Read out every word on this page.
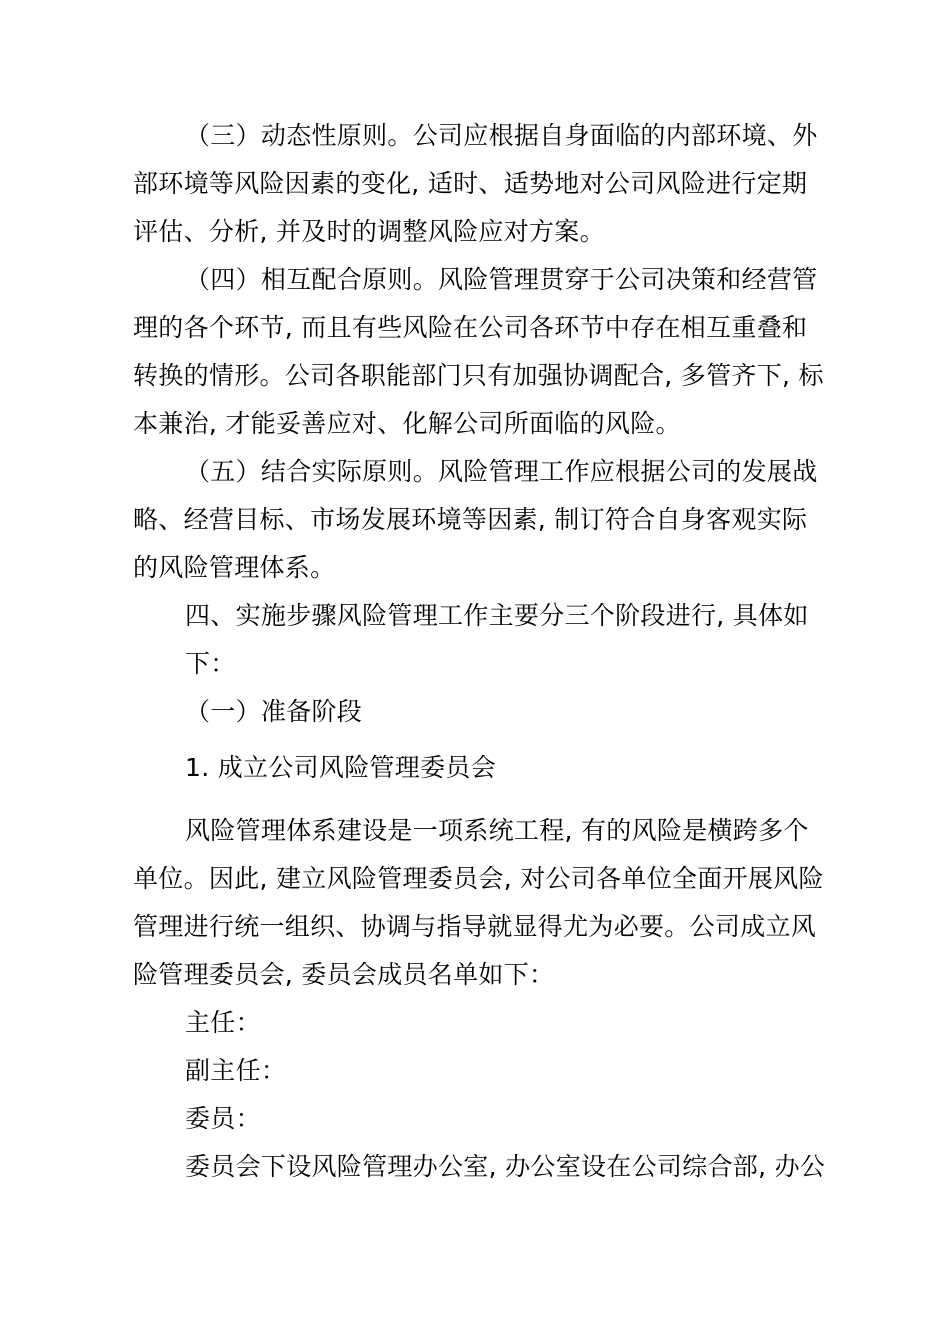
（三）动态性原则。公司应根据自身面临的内部环境、外
部环境等风险因素的变化, 适时、适势地对公司风险进行定期
评估、分析, 并及时的调整风险应对方案。
（四）相互配合原则。风险管理贯穿于公司决策和经营管
理的各个环节, 而且有些风险在公司各环节中存在相互重叠和
转换的情形。公司各职能部门只有加强协调配合, 多管齐下, 标
本兼治, 才能妥善应对、化解公司所面临的风险。
（五）结合实际原则。风险管理工作应根据公司的发展战
略、经营目标、市场发展环境等因素, 制订符合自身客观实际
的风险管理体系。
四、实施步骤风险管理工作主要分三个阶段进行, 具体如
下：
（一）准备阶段
1. 成立公司风险管理委员会
风险管理体系建设是一项系统工程, 有的风险是横跨多个
单位。因此, 建立风险管理委员会, 对公司各单位全面开展风险
管理进行统一组织、协调与指导就显得尤为必要。公司成立风
险管理委员会, 委员会成员名单如下：
主任：
副主任：
委员：
委员会下设风险管理办公室, 办公室设在公司综合部, 办公
